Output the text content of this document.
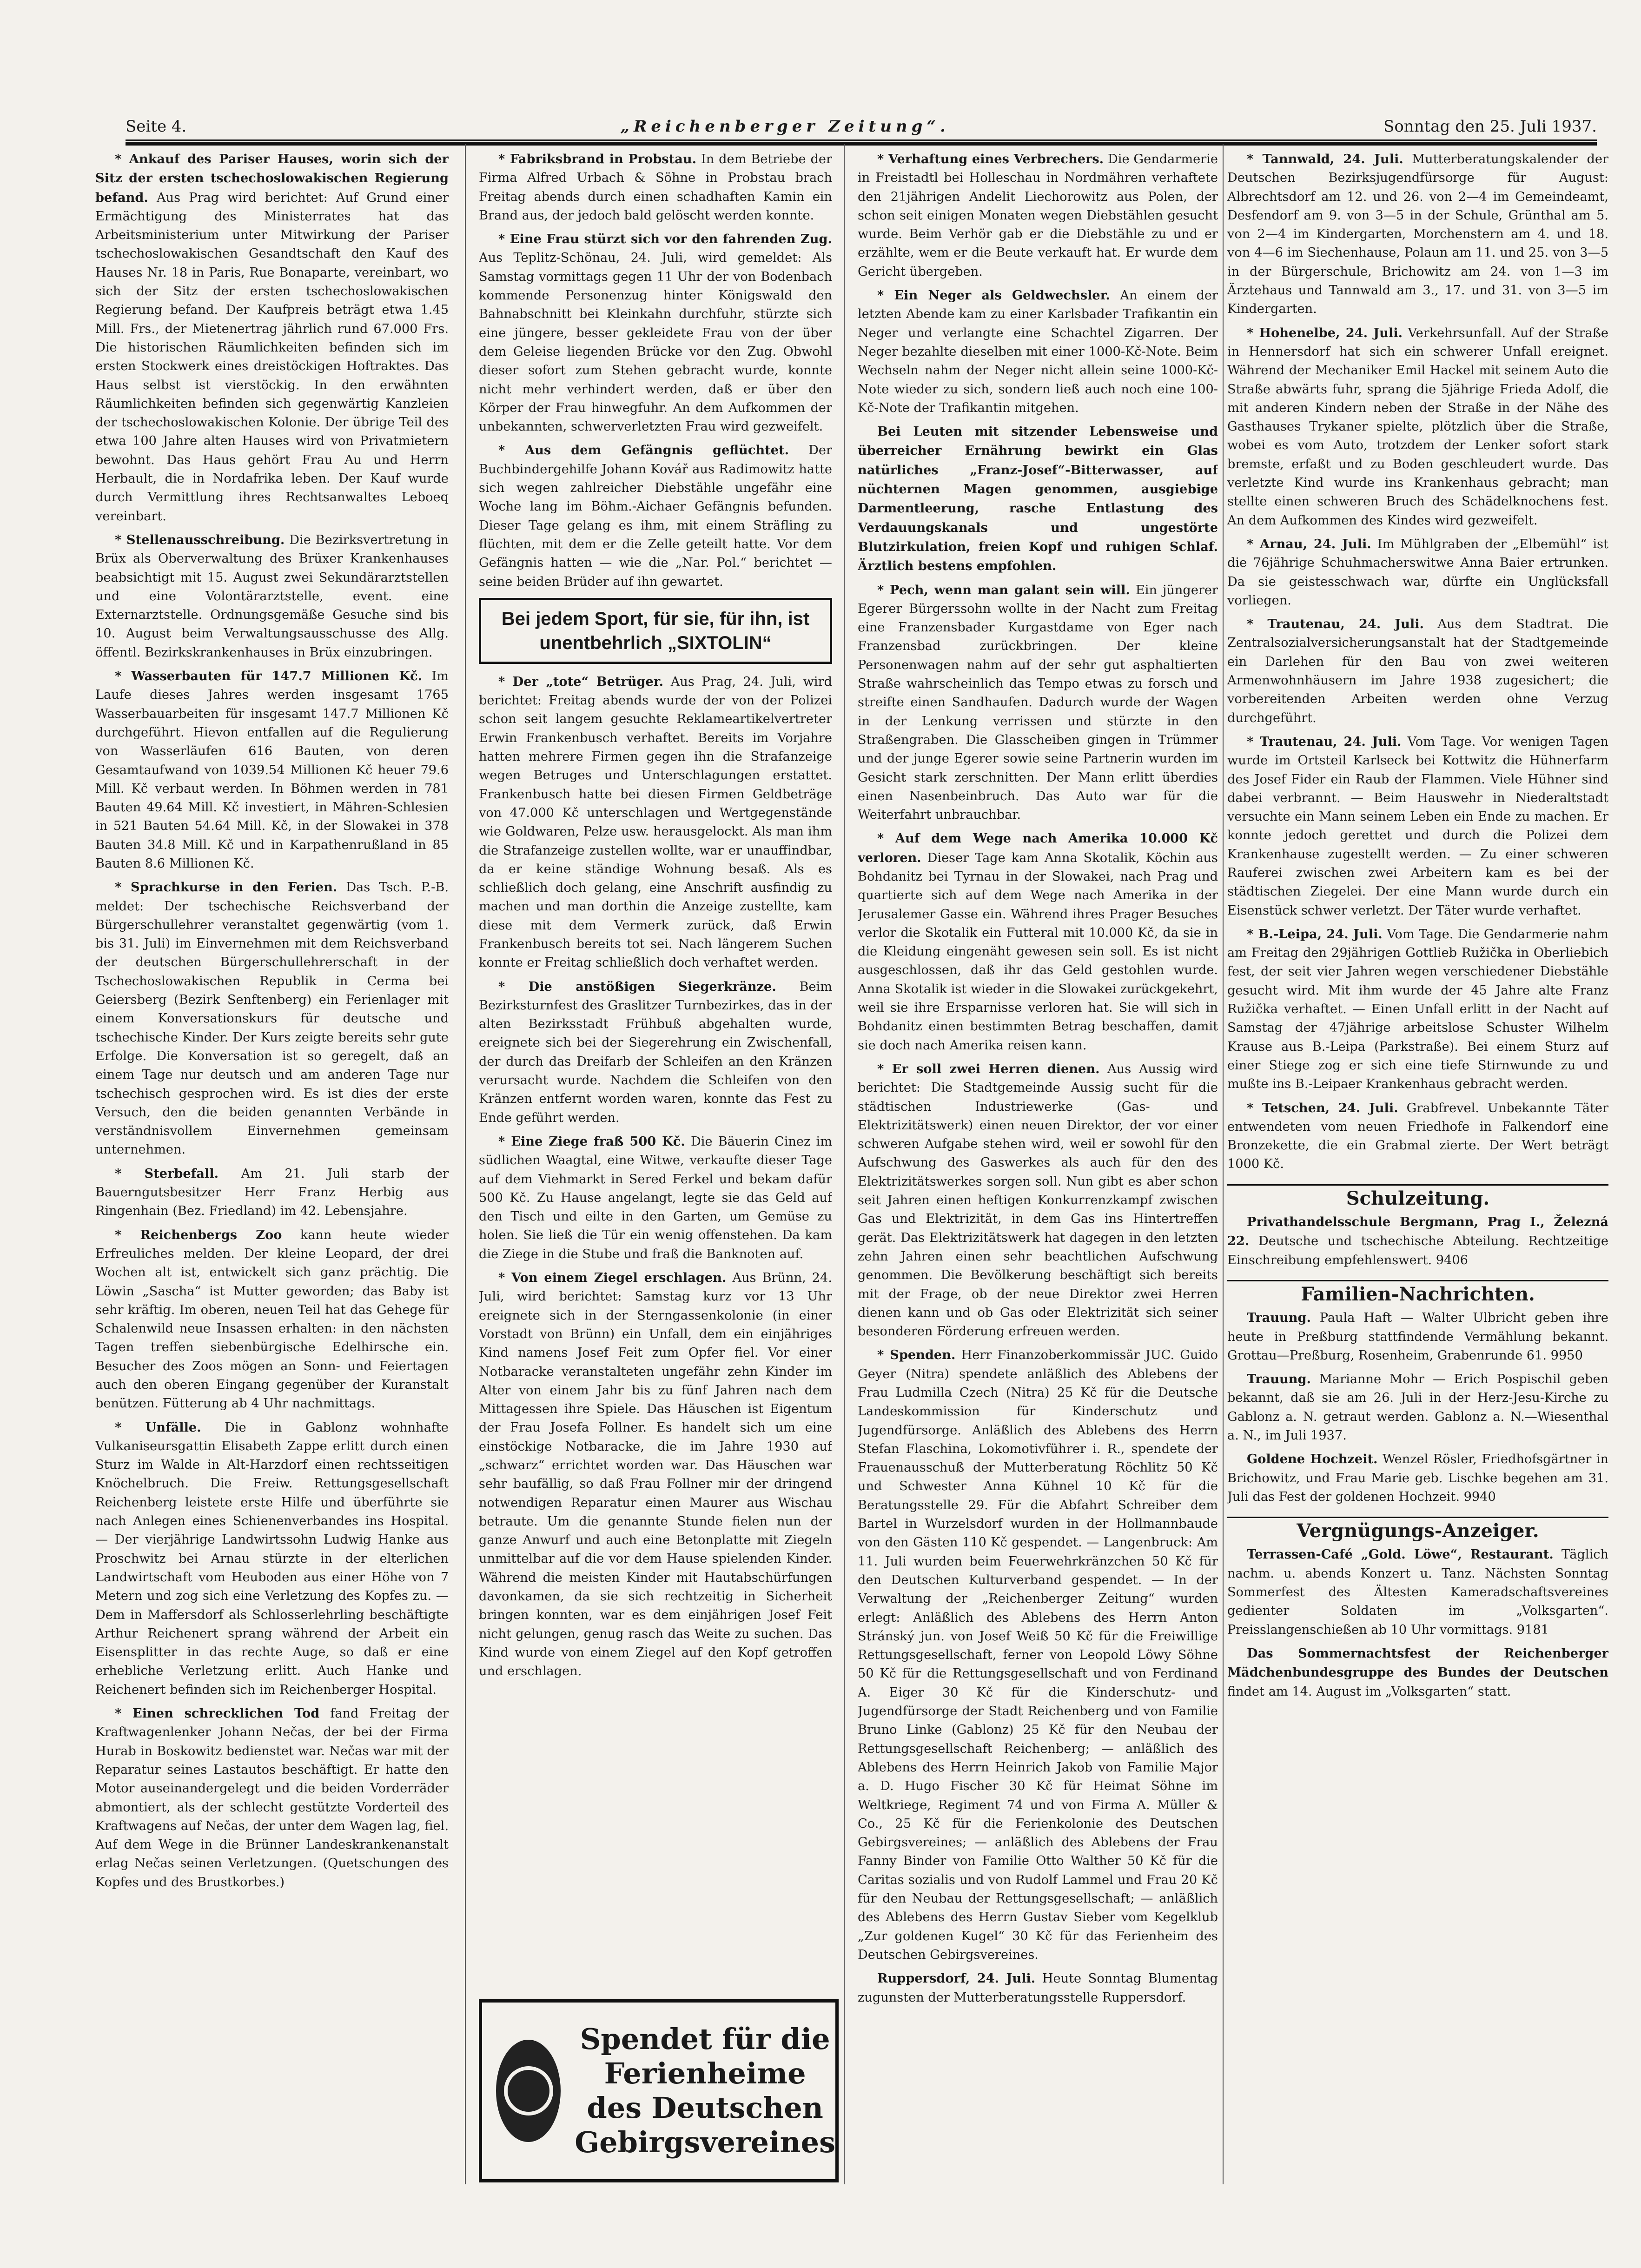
Seite 4.	„Reichenberger Zeitung“.	Sonntag den 25. Juli 1937.

* Ankauf des Pariser Hauses, worin sich der Sitz der ersten tschechoslowakischen Regierung befand. Aus Prag wird berichtet: Auf Grund einer Ermächtigung des Ministerrates hat das Arbeitsministerium unter Mitwirkung der Pariser tschechoslowakischen Gesandtschaft den Kauf des Hauses Nr. 18 in Paris, Rue Bonaparte, vereinbart, wo sich der Sitz der ersten tschechoslowakischen Regierung befand. Der Kaufpreis beträgt etwa 1.45 Mill. Frs., der Mietenertrag jährlich rund 67.000 Frs. Die historischen Räumlichkeiten befinden sich im ersten Stockwerk eines dreistöckigen Hoftraktes. Das Haus selbst ist vierstöckig. In den erwähnten Räumlichkeiten befinden sich gegenwärtig Kanzleien der tschechoslowakischen Kolonie. Der übrige Teil des etwa 100 Jahre alten Hauses wird von Privatmietern bewohnt. Das Haus gehört Frau Au und Herrn Herbault, die in Nordafrika leben. Der Kauf wurde durch Vermittlung ihres Rechtsanwaltes Leboeq vereinbart.

* Stellenausschreibung. Die Bezirksvertretung in Brüx als Oberverwaltung des Brüxer Krankenhauses beabsichtigt mit 15. August zwei Sekundärarztstellen und eine Volontärarztstelle, event. eine Externarztstelle. Ordnungsgemäße Gesuche sind bis 10. August beim Verwaltungsausschusse des Allg. öffentl. Bezirkskrankenhauses in Brüx einzubringen.

* Wasserbauten für 147.7 Millionen Kč. Im Laufe dieses Jahres werden insgesamt 1765 Wasserbauarbeiten für insgesamt 147.7 Millionen Kč durchgeführt. Hievon entfallen auf die Regulierung von Wasserläufen 616 Bauten, von deren Gesamtaufwand von 1039.54 Millionen Kč heuer 79.6 Mill. Kč verbaut werden. In Böhmen werden in 781 Bauten 49.64 Mill. Kč investiert, in Mähren-Schlesien in 521 Bauten 54.64 Mill. Kč, in der Slowakei in 378 Bauten 34.8 Mill. Kč und in Karpathenrußland in 85 Bauten 8.6 Millionen Kč.

* Sprachkurse in den Ferien. Das Tsch. P.-B. meldet: Der tschechische Reichsverband der Bürgerschullehrer veranstaltet gegenwärtig (vom 1. bis 31. Juli) im Einvernehmen mit dem Reichsverband der deutschen Bürgerschullehrerschaft in der Tschechoslowakischen Republik in Cerma bei Geiersberg (Bezirk Senftenberg) ein Ferienlager mit einem Konversationskurs für deutsche und tschechische Kinder. Der Kurs zeigte bereits sehr gute Erfolge. Die Konversation ist so geregelt, daß an einem Tage nur deutsch und am anderen Tage nur tschechisch gesprochen wird. Es ist dies der erste Versuch, den die beiden genannten Verbände in verständnisvollem Einvernehmen gemeinsam unternehmen.

* Sterbefall. Am 21. Juli starb der Bauerngutsbesitzer Herr Franz Herbig aus Ringenhain (Bez. Friedland) im 42. Lebensjahre.

* Reichenbergs Zoo kann heute wieder Erfreuliches melden. Der kleine Leopard, der drei Wochen alt ist, entwickelt sich ganz prächtig. Die Löwin „Sascha“ ist Mutter geworden; das Baby ist sehr kräftig. Im oberen, neuen Teil hat das Gehege für Schalenwild neue Insassen erhalten: in den nächsten Tagen treffen siebenbürgische Edelhirsche ein. Besucher des Zoos mögen an Sonn- und Feiertagen auch den oberen Eingang gegenüber der Kuranstalt benützen. Fütterung ab 4 Uhr nachmittags.

* Unfälle. Die in Gablonz wohnhafte Vulkaniseursgattin Elisabeth Zappe erlitt durch einen Sturz im Walde in Alt-Harzdorf einen rechtsseitigen Knöchelbruch. Die Freiw. Rettungsgesellschaft Reichenberg leistete erste Hilfe und überführte sie nach Anlegen eines Schienenverbandes ins Hospital. — Der vierjährige Landwirtssohn Ludwig Hanke aus Proschwitz bei Arnau stürzte in der elterlichen Landwirtschaft vom Heuboden aus einer Höhe von 7 Metern und zog sich eine Verletzung des Kopfes zu. — Dem in Maffersdorf als Schlosserlehrling beschäftigte Arthur Reichenert sprang während der Arbeit ein Eisensplitter in das rechte Auge, so daß er eine erhebliche Verletzung erlitt. Auch Hanke und Reichenert befinden sich im Reichenberger Hospital.

* Einen schrecklichen Tod fand Freitag der Kraftwagenlenker Johann Nečas, der bei der Firma Hurab in Boskowitz bedienstet war. Nečas war mit der Reparatur seines Lastautos beschäftigt. Er hatte den Motor auseinandergelegt und die beiden Vorderräder abmontiert, als der schlecht gestützte Vorderteil des Kraftwagens auf Nečas, der unter dem Wagen lag, fiel. Auf dem Wege in die Brünner Landeskrankenanstalt erlag Nečas seinen Verletzungen. (Quetschungen des Kopfes und des Brustkorbes.)

* Fabriksbrand in Probstau. In dem Betriebe der Firma Alfred Urbach & Söhne in Probstau brach Freitag abends durch einen schadhaften Kamin ein Brand aus, der jedoch bald gelöscht werden konnte.

* Eine Frau stürzt sich vor den fahrenden Zug. Aus Teplitz-Schönau, 24. Juli, wird gemeldet: Als Samstag vormittags gegen 11 Uhr der von Bodenbach kommende Personenzug hinter Königswald den Bahnabschnitt bei Kleinkahn durchfuhr, stürzte sich eine jüngere, besser gekleidete Frau von der über dem Geleise liegenden Brücke vor den Zug. Obwohl dieser sofort zum Stehen gebracht wurde, konnte nicht mehr verhindert werden, daß er über den Körper der Frau hinwegfuhr. An dem Aufkommen der unbekannten, schwerverletzten Frau wird gezweifelt.

* Aus dem Gefängnis geflüchtet. Der Buchbindergehilfe Johann Kovář aus Radimowitz hatte sich wegen zahlreicher Diebstähle ungefähr eine Woche lang im Böhm.-Aichaer Gefängnis befunden. Dieser Tage gelang es ihm, mit einem Sträfling zu flüchten, mit dem er die Zelle geteilt hatte. Vor dem Gefängnis hatten — wie die „Nar. Pol.“ berichtet — seine beiden Brüder auf ihn gewartet.

Bei jedem Sport, für sie, für ihn, ist unentbehrlich „SIXTOLIN“

* Der „tote“ Betrüger. Aus Prag, 24. Juli, wird berichtet: Freitag abends wurde der von der Polizei schon seit langem gesuchte Reklameartikelvertreter Erwin Frankenbusch verhaftet. Bereits im Vorjahre hatten mehrere Firmen gegen ihn die Strafanzeige wegen Betruges und Unterschlagungen erstattet. Frankenbusch hatte bei diesen Firmen Geldbeträge von 47.000 Kč unterschlagen und Wertgegenstände wie Goldwaren, Pelze usw. herausgelockt. Als man ihm die Strafanzeige zustellen wollte, war er unauffindbar, da er keine ständige Wohnung besaß. Als es schließlich doch gelang, eine Anschrift ausfindig zu machen und man dorthin die Anzeige zustellte, kam diese mit dem Vermerk zurück, daß Erwin Frankenbusch bereits tot sei. Nach längerem Suchen konnte er Freitag schließlich doch verhaftet werden.

* Die anstößigen Siegerkränze. Beim Bezirksturnfest des Graslitzer Turnbezirkes, das in der alten Bezirksstadt Frühbuß abgehalten wurde, ereignete sich bei der Siegerehrung ein Zwischenfall, der durch das Dreifarb der Schleifen an den Kränzen verursacht wurde. Nachdem die Schleifen von den Kränzen entfernt worden waren, konnte das Fest zu Ende geführt werden.

* Eine Ziege fraß 500 Kč. Die Bäuerin Cinez im südlichen Waagtal, eine Witwe, verkaufte dieser Tage auf dem Viehmarkt in Sered Ferkel und bekam dafür 500 Kč. Zu Hause angelangt, legte sie das Geld auf den Tisch und eilte in den Garten, um Gemüse zu holen. Sie ließ die Tür ein wenig offenstehen. Da kam die Ziege in die Stube und fraß die Banknoten auf.

* Von einem Ziegel erschlagen. Aus Brünn, 24. Juli, wird berichtet: Samstag kurz vor 13 Uhr ereignete sich in der Sterngassenkolonie (in einer Vorstadt von Brünn) ein Unfall, dem ein einjähriges Kind namens Josef Feit zum Opfer fiel. Vor einer Notbaracke veranstalteten ungefähr zehn Kinder im Alter von einem Jahr bis zu fünf Jahren nach dem Mittagessen ihre Spiele. Das Häuschen ist Eigentum der Frau Josefa Follner. Es handelt sich um eine einstöckige Notbaracke, die im Jahre 1930 auf „schwarz“ errichtet worden war. Das Häuschen war sehr baufällig, so daß Frau Follner mir der dringend notwendigen Reparatur einen Maurer aus Wischau betraute. Um die genannte Stunde fielen nun der ganze Anwurf und auch eine Betonplatte mit Ziegeln unmittelbar auf die vor dem Hause spielenden Kinder. Während die meisten Kinder mit Hautabschürfungen davonkamen, da sie sich rechtzeitig in Sicherheit bringen konnten, war es dem einjährigen Josef Feit nicht gelungen, genug rasch das Weite zu suchen. Das Kind wurde von einem Ziegel auf den Kopf getroffen und erschlagen.

* Verhaftung eines Verbrechers. Die Gendarmerie in Freistadtl bei Holleschau in Nordmähren verhaftete den 21jährigen Andelit Liechorowitz aus Polen, der schon seit einigen Monaten wegen Diebstählen gesucht wurde. Beim Verhör gab er die Diebstähle zu und er erzählte, wem er die Beute verkauft hat. Er wurde dem Gericht übergeben.

* Ein Neger als Geldwechsler. An einem der letzten Abende kam zu einer Karlsbader Trafikantin ein Neger und verlangte eine Schachtel Zigarren. Der Neger bezahlte dieselben mit einer 1000-Kč-Note. Beim Wechseln nahm der Neger nicht allein seine 1000-Kč-Note wieder zu sich, sondern ließ auch noch eine 100-Kč-Note der Trafikantin mitgehen.

Bei Leuten mit sitzender Lebensweise und überreicher Ernährung bewirkt ein Glas natürliches „Franz-Josef“-Bitterwasser, auf nüchternen Magen genommen, ausgiebige Darmentleerung, rasche Entlastung des Verdauungskanals und ungestörte Blutzirkulation, freien Kopf und ruhigen Schlaf. Ärztlich bestens empfohlen.

* Pech, wenn man galant sein will. Ein jüngerer Egerer Bürgerssohn wollte in der Nacht zum Freitag eine Franzensbader Kurgastdame von Eger nach Franzensbad zurückbringen. Der kleine Personenwagen nahm auf der sehr gut asphaltierten Straße wahrscheinlich das Tempo etwas zu forsch und streifte einen Sandhaufen. Dadurch wurde der Wagen in der Lenkung verrissen und stürzte in den Straßengraben. Die Glasscheiben gingen in Trümmer und der junge Egerer sowie seine Partnerin wurden im Gesicht stark zerschnitten. Der Mann erlitt überdies einen Nasenbeinbruch. Das Auto war für die Weiterfahrt unbrauchbar.

* Auf dem Wege nach Amerika 10.000 Kč verloren. Dieser Tage kam Anna Skotalik, Köchin aus Bohdanitz bei Tyrnau in der Slowakei, nach Prag und quartierte sich auf dem Wege nach Amerika in der Jerusalemer Gasse ein. Während ihres Prager Besuches verlor die Skotalik ein Futteral mit 10.000 Kč, da sie in die Kleidung eingenäht gewesen sein soll. Es ist nicht ausgeschlossen, daß ihr das Geld gestohlen wurde. Anna Skotalik ist wieder in die Slowakei zurückgekehrt, weil sie ihre Ersparnisse verloren hat. Sie will sich in Bohdanitz einen bestimmten Betrag beschaffen, damit sie doch nach Amerika reisen kann.

* Er soll zwei Herren dienen. Aus Aussig wird berichtet: Die Stadtgemeinde Aussig sucht für die städtischen Industriewerke (Gas- und Elektrizitätswerk) einen neuen Direktor, der vor einer schweren Aufgabe stehen wird, weil er sowohl für den Aufschwung des Gaswerkes als auch für den des Elektrizitätswerkes sorgen soll. Nun gibt es aber schon seit Jahren einen heftigen Konkurrenzkampf zwischen Gas und Elektrizität, in dem Gas ins Hintertreffen gerät. Das Elektrizitätswerk hat dagegen in den letzten zehn Jahren einen sehr beachtlichen Aufschwung genommen. Die Bevölkerung beschäftigt sich bereits mit der Frage, ob der neue Direktor zwei Herren dienen kann und ob Gas oder Elektrizität sich seiner besonderen Förderung erfreuen werden.

* Spenden. Herr Finanzoberkommissär JUC. Guido Geyer (Nitra) spendete anläßlich des Ablebens der Frau Ludmilla Czech (Nitra) 25 Kč für die Deutsche Landeskommission für Kinderschutz und Jugendfürsorge. Anläßlich des Ablebens des Herrn Stefan Flaschina, Lokomotivführer i. R., spendete der Frauenausschuß der Mutterberatung Röchlitz 50 Kč und Schwester Anna Kühnel 10 Kč für die Beratungsstelle 29. Für die Abfahrt Schreiber dem Bartel in Wurzelsdorf wurden in der Hollmannbaude von den Gästen 110 Kč gespendet. — Langenbruck: Am 11. Juli wurden beim Feuerwehrkränzchen 50 Kč für den Deutschen Kulturverband gespendet. — In der Verwaltung der „Reichenberger Zeitung“ wurden erlegt: Anläßlich des Ablebens des Herrn Anton Stránský jun. von Josef Weiß 50 Kč für die Freiwillige Rettungsgesellschaft, ferner von Leopold Löwy Söhne 50 Kč für die Rettungsgesellschaft und von Ferdinand A. Eiger 30 Kč für die Kinderschutz- und Jugendfürsorge der Stadt Reichenberg und von Familie Bruno Linke (Gablonz) 25 Kč für den Neubau der Rettungsgesellschaft Reichenberg; — anläßlich des Ablebens des Herrn Heinrich Jakob von Familie Major a. D. Hugo Fischer 30 Kč für Heimat Söhne im Weltkriege, Regiment 74 und von Firma A. Müller & Co., 25 Kč für die Ferienkolonie des Deutschen Gebirgsvereines; — anläßlich des Ablebens der Frau Fanny Binder von Familie Otto Walther 50 Kč für die Caritas sozialis und von Rudolf Lammel und Frau 20 Kč für den Neubau der Rettungsgesellschaft; — anläßlich des Ablebens des Herrn Gustav Sieber vom Kegelklub „Zur goldenen Kugel“ 30 Kč für das Ferienheim des Deutschen Gebirgsvereines.

Ruppersdorf, 24. Juli. Heute Sonntag Blumentag zugunsten der Mutterberatungsstelle Ruppersdorf.

* Tannwald, 24. Juli. Mutterberatungskalender der Deutschen Bezirksjugendfürsorge für August: Albrechtsdorf am 12. und 26. von 2—4 im Gemeindeamt, Desfendorf am 9. von 3—5 in der Schule, Grünthal am 5. von 2—4 im Kindergarten, Morchenstern am 4. und 18. von 4—6 im Siechenhause, Polaun am 11. und 25. von 3—5 in der Bürgerschule, Brichowitz am 24. von 1—3 im Ärztehaus und Tannwald am 3., 17. und 31. von 3—5 im Kindergarten.

* Hohenelbe, 24. Juli. Verkehrsunfall. Auf der Straße in Hennersdorf hat sich ein schwerer Unfall ereignet. Während der Mechaniker Emil Hackel mit seinem Auto die Straße abwärts fuhr, sprang die 5jährige Frieda Adolf, die mit anderen Kindern neben der Straße in der Nähe des Gasthauses Trykaner spielte, plötzlich über die Straße, wobei es vom Auto, trotzdem der Lenker sofort stark bremste, erfaßt und zu Boden geschleudert wurde. Das verletzte Kind wurde ins Krankenhaus gebracht; man stellte einen schweren Bruch des Schädelknochens fest. An dem Aufkommen des Kindes wird gezweifelt.

* Arnau, 24. Juli. Im Mühlgraben der „Elbemühl“ ist die 76jährige Schuhmacherswitwe Anna Baier ertrunken. Da sie geistesschwach war, dürfte ein Unglücksfall vorliegen.

* Trautenau, 24. Juli. Aus dem Stadtrat. Die Zentralsozialversicherungsanstalt hat der Stadtgemeinde ein Darlehen für den Bau von zwei weiteren Armenwohnhäusern im Jahre 1938 zugesichert; die vorbereitenden Arbeiten werden ohne Verzug durchgeführt.

* Trautenau, 24. Juli. Vom Tage. Vor wenigen Tagen wurde im Ortsteil Karlseck bei Kottwitz die Hühnerfarm des Josef Fider ein Raub der Flammen. Viele Hühner sind dabei verbrannt. — Beim Hauswehr in Niederaltstadt versuchte ein Mann seinem Leben ein Ende zu machen. Er konnte jedoch gerettet und durch die Polizei dem Krankenhause zugestellt werden. — Zu einer schweren Rauferei zwischen zwei Arbeitern kam es bei der städtischen Ziegelei. Der eine Mann wurde durch ein Eisenstück schwer verletzt. Der Täter wurde verhaftet.

* B.-Leipa, 24. Juli. Vom Tage. Die Gendarmerie nahm am Freitag den 29jährigen Gottlieb Ružička in Oberliebich fest, der seit vier Jahren wegen verschiedener Diebstähle gesucht wird. Mit ihm wurde der 45 Jahre alte Franz Ružička verhaftet. — Einen Unfall erlitt in der Nacht auf Samstag der 47jährige arbeitslose Schuster Wilhelm Krause aus B.-Leipa (Parkstraße). Bei einem Sturz auf einer Stiege zog er sich eine tiefe Stirnwunde zu und mußte ins B.-Leipaer Krankenhaus gebracht werden.

* Tetschen, 24. Juli. Grabfrevel. Unbekannte Täter entwendeten vom neuen Friedhofe in Falkendorf eine Bronzekette, die ein Grabmal zierte. Der Wert beträgt 1000 Kč.

Schulzeitung.

Privathandelsschule Bergmann, Prag I., Železná 22. Deutsche und tschechische Abteilung. Rechtzeitige Einschreibung empfehlenswert. 9406

Familien-Nachrichten.

Trauung. Paula Haft — Walter Ulbricht geben ihre heute in Preßburg stattfindende Vermählung bekannt. Grottau—Preßburg, Rosenheim, Grabenrunde 61. 9950

Trauung. Marianne Mohr — Erich Pospischil geben bekannt, daß sie am 26. Juli in der Herz-Jesu-Kirche zu Gablonz a. N. getraut werden. Gablonz a. N.—Wiesenthal a. N., im Juli 1937.

Goldene Hochzeit. Wenzel Rösler, Friedhofsgärtner in Brichowitz, und Frau Marie geb. Lischke begehen am 31. Juli das Fest der goldenen Hochzeit. 9940

Vergnügungs-Anzeiger.

Terrassen-Café „Gold. Löwe“, Restaurant. Täglich nachm. u. abends Konzert u. Tanz. Nächsten Sonntag Sommerfest des Ältesten Kameradschaftsvereines gedienter Soldaten im „Volksgarten“. Preisslangenschießen ab 10 Uhr vormittags. 9181

Das Sommernachtsfest der Reichenberger Mädchenbundesgruppe des Bundes der Deutschen findet am 14. August im „Volksgarten“ statt.

Spendet für die Ferienheime des Deutschen Gebirgsvereines
